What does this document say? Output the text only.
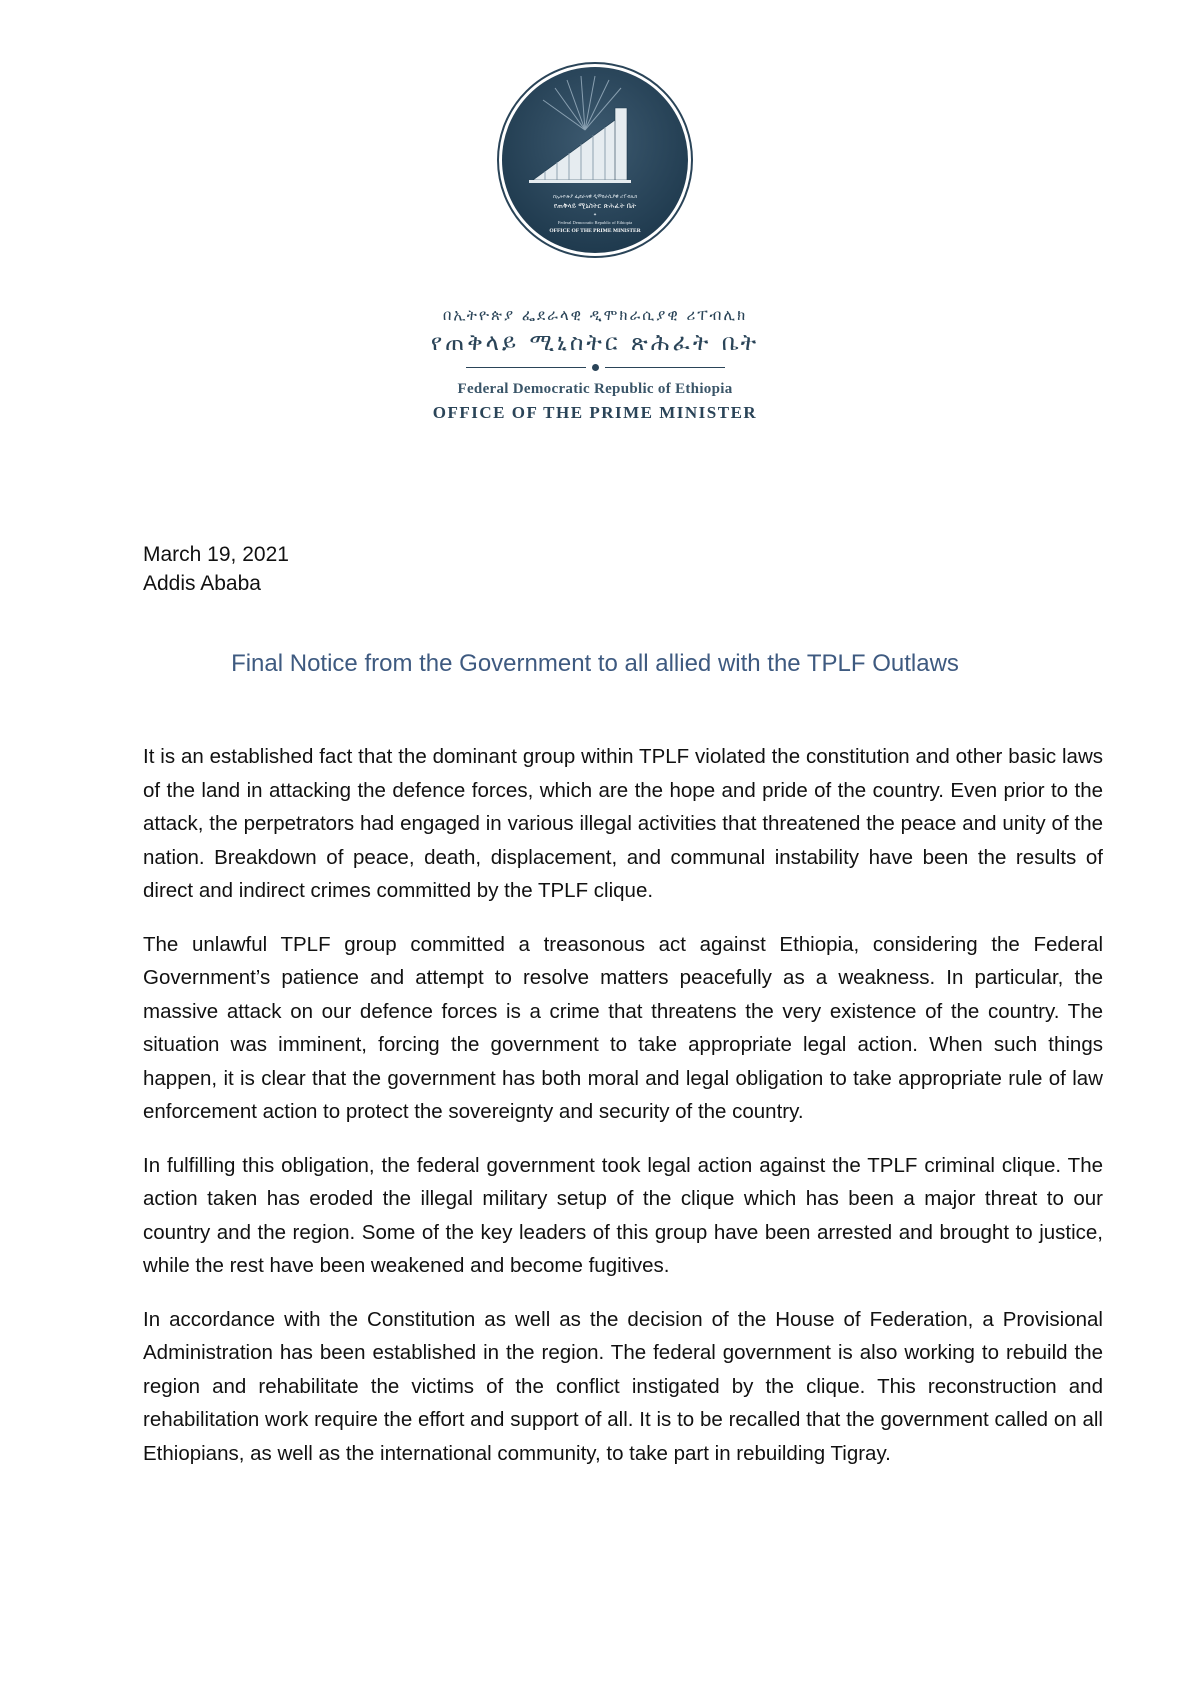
በኢትዮጵያ ፌደራላዊ ዲሞክራሲያዊ ሪፐብሊክ
የጠቅላይ ሚኒስትር ጽሕፈት ቤት
✦
Federal Democratic Republic of Ethiopia
OFFICE OF THE PRIME MINISTER
በኢትዮጵያ ፌደራላዊ ዲሞክራሲያዊ ሪፐብሊክ
የጠቅላይ ሚኒስትር ጽሕፈት ቤት
Federal Democratic Republic of Ethiopia
OFFICE OF THE PRIME MINISTER
March 19, 2021
Addis Ababa
Final Notice from the Government to all allied with the TPLF Outlaws

It is an established fact that the dominant group within TPLF violated the constitution and other basic laws of the land in attacking the defence forces, which are the hope and pride of the country. Even prior to the attack, the perpetrators had engaged in various illegal activities that threatened the peace and unity of the nation. Breakdown of peace, death, displacement, and communal instability have been the results of direct and indirect crimes committed by the TPLF clique.

The unlawful TPLF group committed a treasonous act against Ethiopia, considering the Federal Government’s patience and attempt to resolve matters peacefully as a weakness. In particular, the massive attack on our defence forces is a crime that threatens the very existence of the country. The situation was imminent, forcing the government to take appropriate legal action. When such things happen, it is clear that the government has both moral and legal obligation to take appropriate rule of law enforcement action to protect the sovereignty and security of the country.

In fulfilling this obligation, the federal government took legal action against the TPLF criminal clique. The action taken has eroded the illegal military setup of the clique which has been a major threat to our country and the region. Some of the key leaders of this group have been arrested and brought to justice, while the rest have been weakened and become fugitives.

In accordance with the Constitution as well as the decision of the House of Federation, a Provisional Administration has been established in the region. The federal government is also working to rebuild the region and rehabilitate the victims of the conflict instigated by the clique. This reconstruction and rehabilitation work require the effort and support of all. It is to be recalled that the government called on all Ethiopians, as well as the international community, to take part in rebuilding Tigray.
